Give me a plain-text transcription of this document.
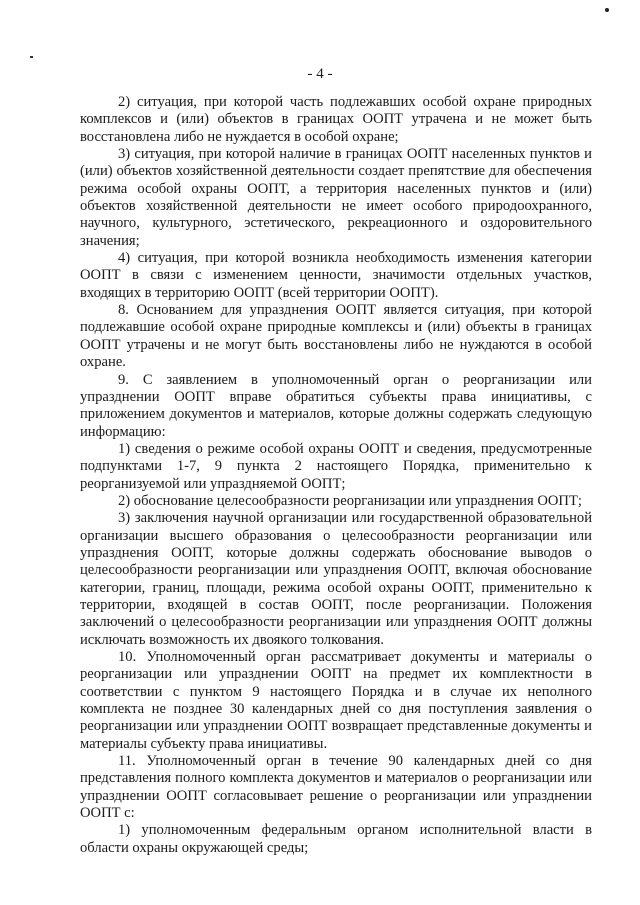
- 4 -

2) ситуация, при которой часть подлежавших особой охране природных комплексов и (или) объектов в границах ООПТ утрачена и не может быть восстановлена либо не нуждается в особой охране;

3) ситуация, при которой наличие в границах ООПТ населенных пунктов и (или) объектов хозяйственной деятельности создает препятствие для обеспечения режима особой охраны ООПТ, а территория населенных пунктов и (или) объектов хозяйственной деятельности не имеет особого природоохранного, научного, культурного, эстетического, рекреационного и оздоровительного значения;

4) ситуация, при которой возникла необходимость изменения категории ООПТ в связи с изменением ценности, значимости отдельных участков, входящих в территорию ООПТ (всей территории ООПТ).

8. Основанием для упразднения ООПТ является ситуация, при которой подлежавшие особой охране природные комплексы и (или) объекты в границах ООПТ утрачены и не могут быть восстановлены либо не нуждаются в особой охране.

9. С заявлением в уполномоченный орган о реорганизации или упразднении ООПТ вправе обратиться субъекты права инициативы, с приложением документов и материалов, которые должны содержать следующую информацию:

1) сведения о режиме особой охраны ООПТ и сведения, предусмотренные подпунктами 1-7, 9 пункта 2 настоящего Порядка, применительно к реорганизуемой или упраздняемой ООПТ;

2) обоснование целесообразности реорганизации или упразднения ООПТ;

3) заключения научной организации или государственной образовательной организации высшего образования о целесообразности реорганизации или упразднения ООПТ, которые должны содержать обоснование выводов о целесообразности реорганизации или упразднения ООПТ, включая обоснование категории, границ, площади, режима особой охраны ООПТ, применительно к территории, входящей в состав ООПТ, после реорганизации. Положения заключений о целесообразности реорганизации или упразднения ООПТ должны исключать возможность их двоякого толкования.

10. Уполномоченный орган рассматривает документы и материалы о реорганизации или упразднении ООПТ на предмет их комплектности в соответствии с пунктом 9 настоящего Порядка и в случае их неполного комплекта не позднее 30 календарных дней со дня поступления заявления о реорганизации или упразднении ООПТ возвращает представленные документы и материалы субъекту права инициативы.

11. Уполномоченный орган в течение 90 календарных дней со дня представления полного комплекта документов и материалов о реорганизации или упразднении ООПТ согласовывает решение о реорганизации или упразднении ООПТ с:

1) уполномоченным федеральным органом исполнительной власти в области охраны окружающей среды;
